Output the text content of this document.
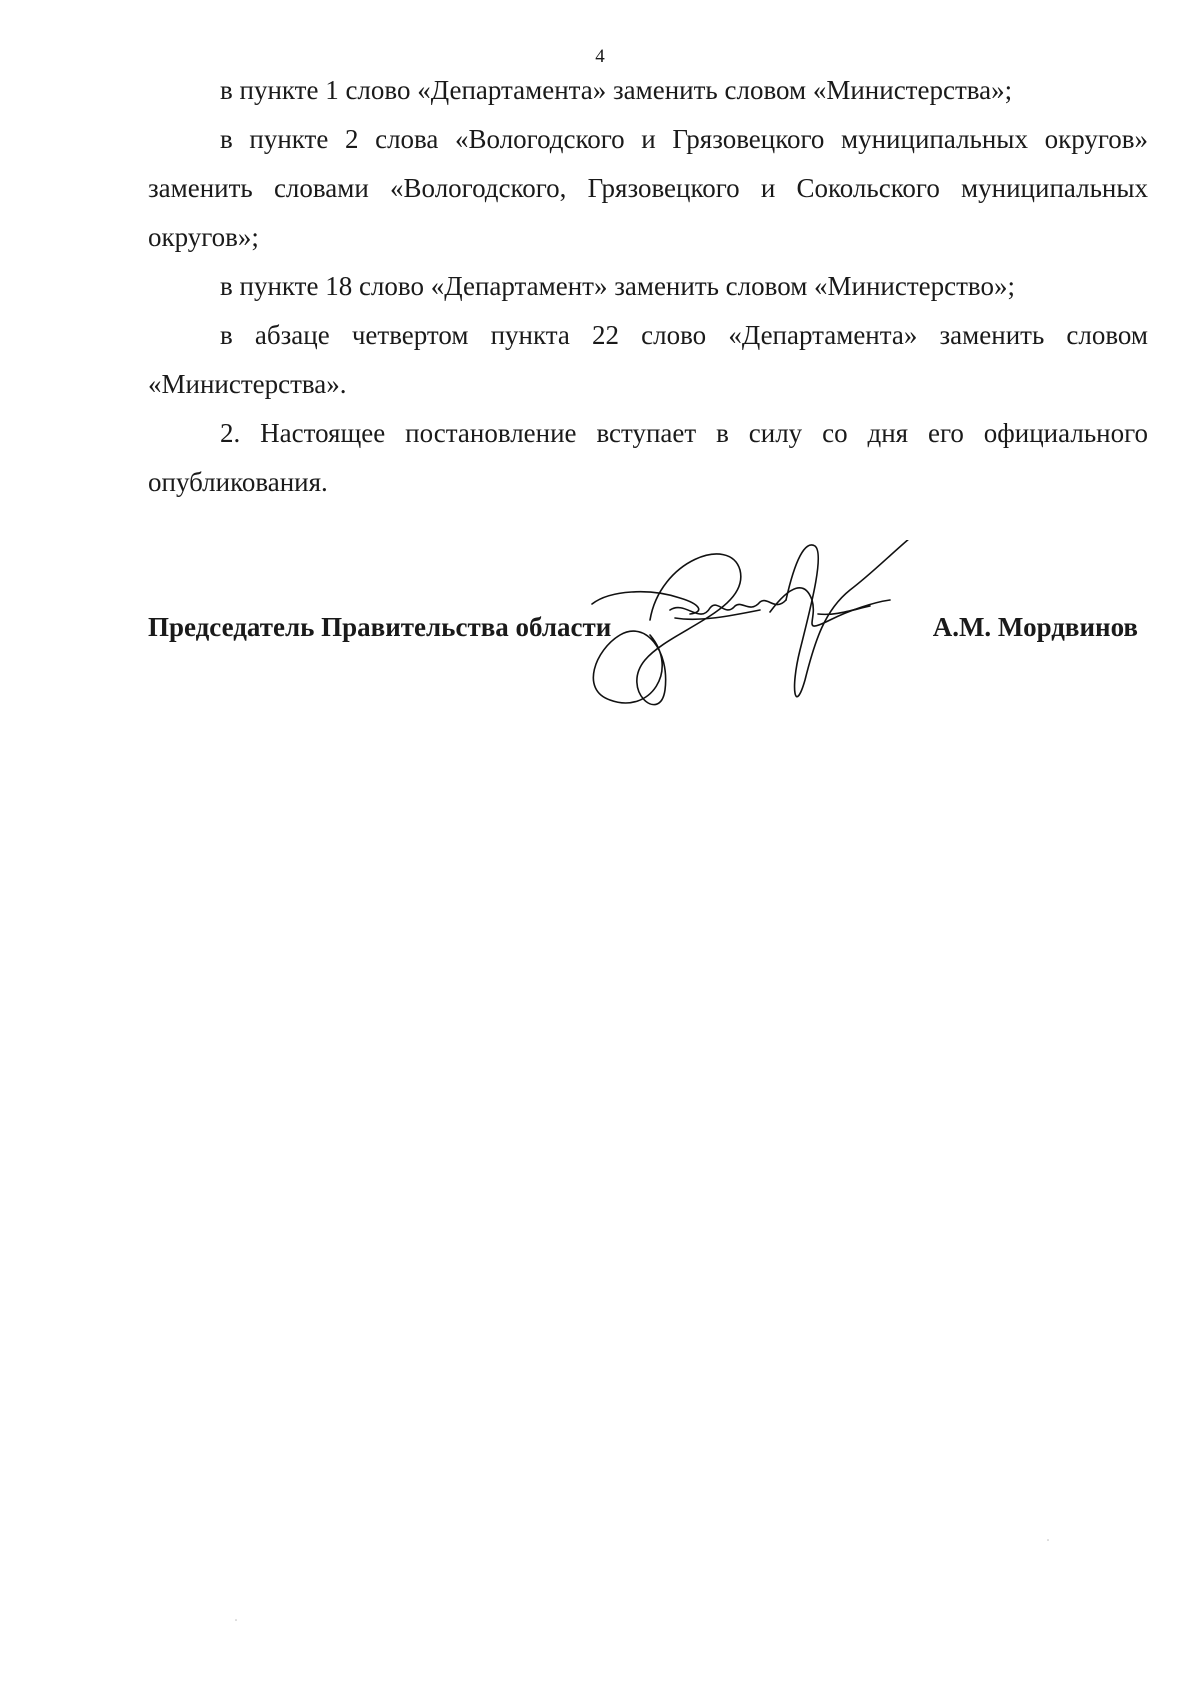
4

в пункте 1 слово «Департамента» заменить словом «Министерства»;

в пункте 2 слова «Вологодского и Грязовецкого муниципальных округов» заменить словами «Вологодского, Грязовецкого и Сокольского муниципальных округов»;

в пункте 18 слово «Департамент» заменить словом «Министерство»;

в абзаце четвертом пункта 22 слово «Департамента» заменить словом «Министерства».

2. Настоящее постановление вступает в силу со дня его официального опубликования.

Председатель Правительства области	А.М. Мордвинов
